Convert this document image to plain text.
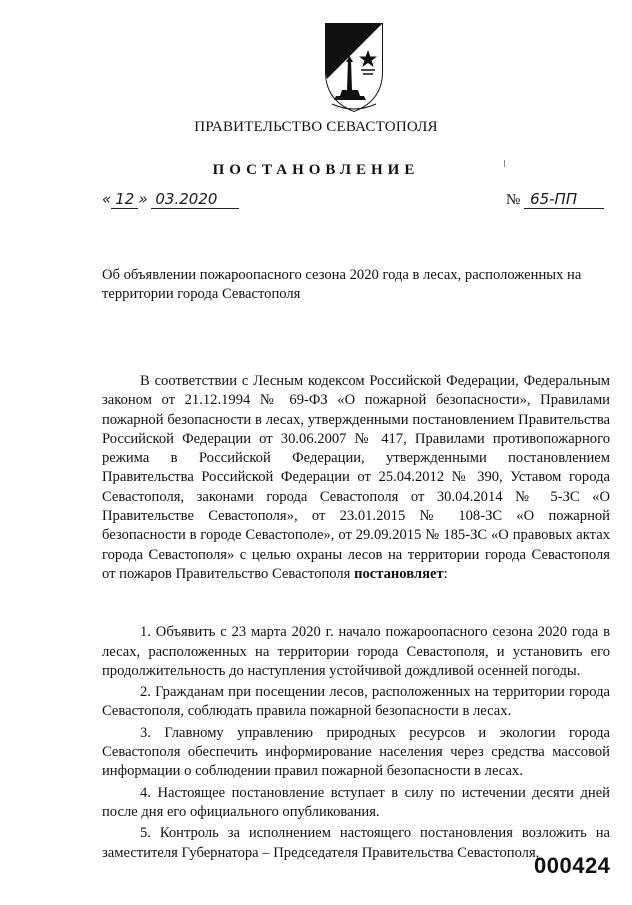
ПРАВИТЕЛЬСТВО СЕВАСТОПОЛЯ
ПОСТАНОВЛЕНИЕ
« 12 » 03.2020	№ 65-ПП
Об объявлении пожароопасного сезона 2020 года в лесах, расположенных на территории города Севастополя

В соответствии с Лесным кодексом Российской Федерации, Федеральным законом от 21.12.1994 № 69-ФЗ «О пожарной безопасности», Правилами пожарной безопасности в лесах, утвержденными постановлением Правительства Российской Федерации от 30.06.2007 № 417, Правилами противопожарного режима в Российской Федерации, утвержденными постановлением Правительства Российской Федерации от 25.04.2012 № 390, Уставом города Севастополя, законами города Севастополя от 30.04.2014 № 5-ЗС «О Правительстве Севастополя», от 23.01.2015 № 108-ЗС «О пожарной безопасности в городе Севастополе», от 29.09.2015 № 185-ЗС «О правовых актах города Севастополя» с целью охраны лесов на территории города Севастополя от пожаров Правительство Севастополя постановляет:

1. Объявить с 23 марта 2020 г. начало пожароопасного сезона 2020 года в лесах, расположенных на территории города Севастополя, и установить его продолжительность до наступления устойчивой дождливой осенней погоды.

2. Гражданам при посещении лесов, расположенных на территории города Севастополя, соблюдать правила пожарной безопасности в лесах.

3. Главному управлению природных ресурсов и экологии города Севастополя обеспечить информирование населения через средства массовой информации о соблюдении правил пожарной безопасности в лесах.

4. Настоящее постановление вступает в силу по истечении десяти дней после дня его официального опубликования.

5. Контроль за исполнением настоящего постановления возложить на заместителя Губернатора – Председателя Правительства Севастополя,

000424
